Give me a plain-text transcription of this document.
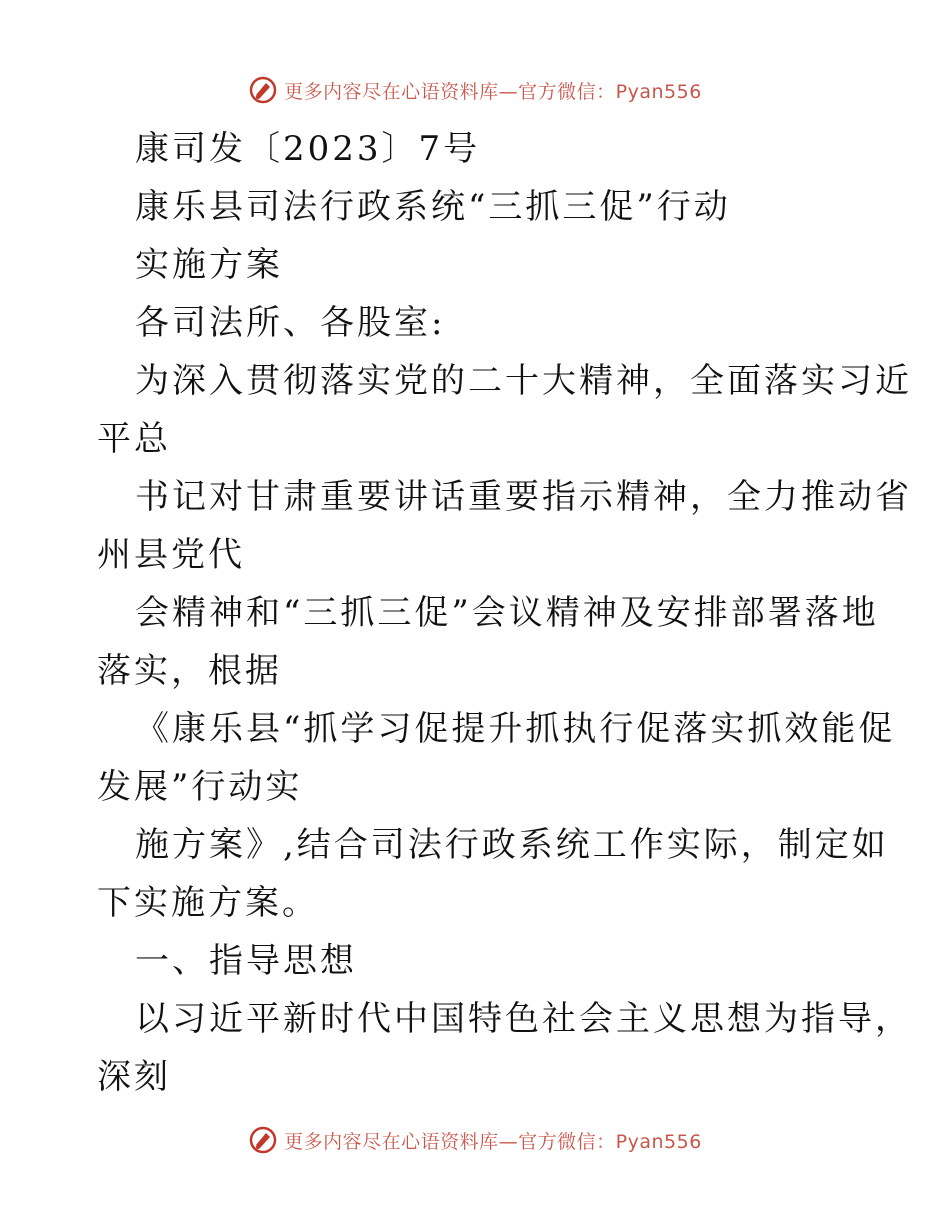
更多内容尽在心语资料库—官方微信：Pyan556

康司发〔2023〕7号

康乐县司法行政系统“三抓三促”行动

实施方案

各司法所、各股室:

为深入贯彻落实党的二十大精神，全面落实习近

平总

书记对甘肃重要讲话重要指示精神，全力推动省

州县党代

会精神和“三抓三促”会议精神及安排部署落地

落实，根据

《康乐县“抓学习促提升抓执行促落实抓效能促

发展”行动实

施方案》,结合司法行政系统工作实际，制定如

下实施方案。

一、指导思想

以习近平新时代中国特色社会主义思想为指导，

深刻

更多内容尽在心语资料库—官方微信：Pyan556
